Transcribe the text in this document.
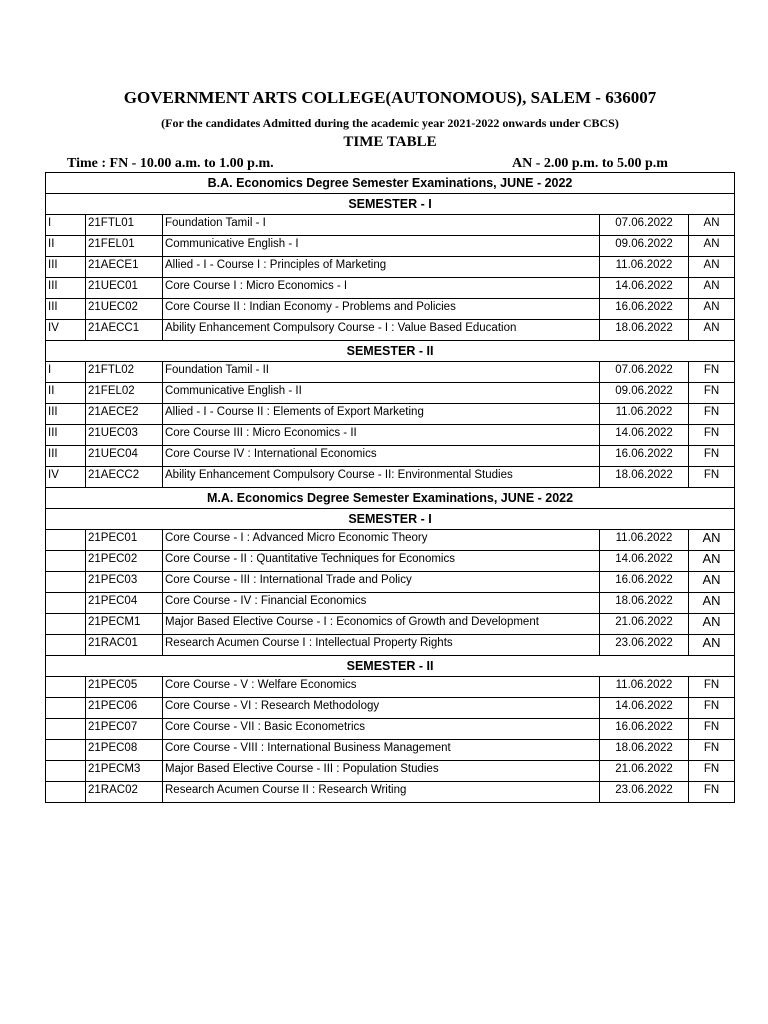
GOVERNMENT ARTS COLLEGE(AUTONOMOUS), SALEM - 636007
(For the candidates Admitted during the academic year 2021-2022 onwards under CBCS)
TIME TABLE
Time : FN - 10.00 a.m. to 1.00 p.m.	AN - 2.00 p.m. to 5.00 p.m
B.A. Economics Degree Semester Examinations, JUNE - 2022				
SEMESTER - I				
I	21FTL01	Foundation Tamil - I	07.06.2022	AN
II	21FEL01	Communicative English - I	09.06.2022	AN
III	21AECE1	Allied - I - Course I : Principles of Marketing	11.06.2022	AN
III	21UEC01	Core Course I : Micro Economics - I	14.06.2022	AN
III	21UEC02	Core Course II : Indian Economy - Problems and Policies	16.06.2022	AN
IV	21AECC1	Ability Enhancement Compulsory Course - I : Value Based Education	18.06.2022	AN
SEMESTER - II				
I	21FTL02	Foundation Tamil - II	07.06.2022	FN
II	21FEL02	Communicative English - II	09.06.2022	FN
III	21AECE2	Allied - I - Course II : Elements of Export Marketing	11.06.2022	FN
III	21UEC03	Core Course III : Micro Economics - II	14.06.2022	FN
III	21UEC04	Core Course IV : International Economics	16.06.2022	FN
IV	21AECC2	Ability Enhancement Compulsory Course - II: Environmental Studies	18.06.2022	FN
M.A. Economics Degree Semester Examinations, JUNE - 2022				
SEMESTER - I				
	21PEC01	Core Course - I : Advanced Micro Economic Theory	11.06.2022	AN
	21PEC02	Core Course - II : Quantitative Techniques for Economics	14.06.2022	AN
	21PEC03	Core Course - III : International Trade and Policy	16.06.2022	AN
	21PEC04	Core Course - IV : Financial Economics	18.06.2022	AN
	21PECM1	Major Based Elective Course - I : Economics of Growth and Development	21.06.2022	AN
	21RAC01	Research Acumen Course I : Intellectual Property Rights	23.06.2022	AN
SEMESTER - II				
	21PEC05	Core Course - V : Welfare Economics	11.06.2022	FN
	21PEC06	Core Course - VI : Research Methodology	14.06.2022	FN
	21PEC07	Core Course - VII : Basic Econometrics	16.06.2022	FN
	21PEC08	Core Course - VIII : International Business Management	18.06.2022	FN
	21PECM3	Major Based Elective Course - III : Population Studies	21.06.2022	FN
	21RAC02	Research Acumen Course II : Research Writing	23.06.2022	FN
